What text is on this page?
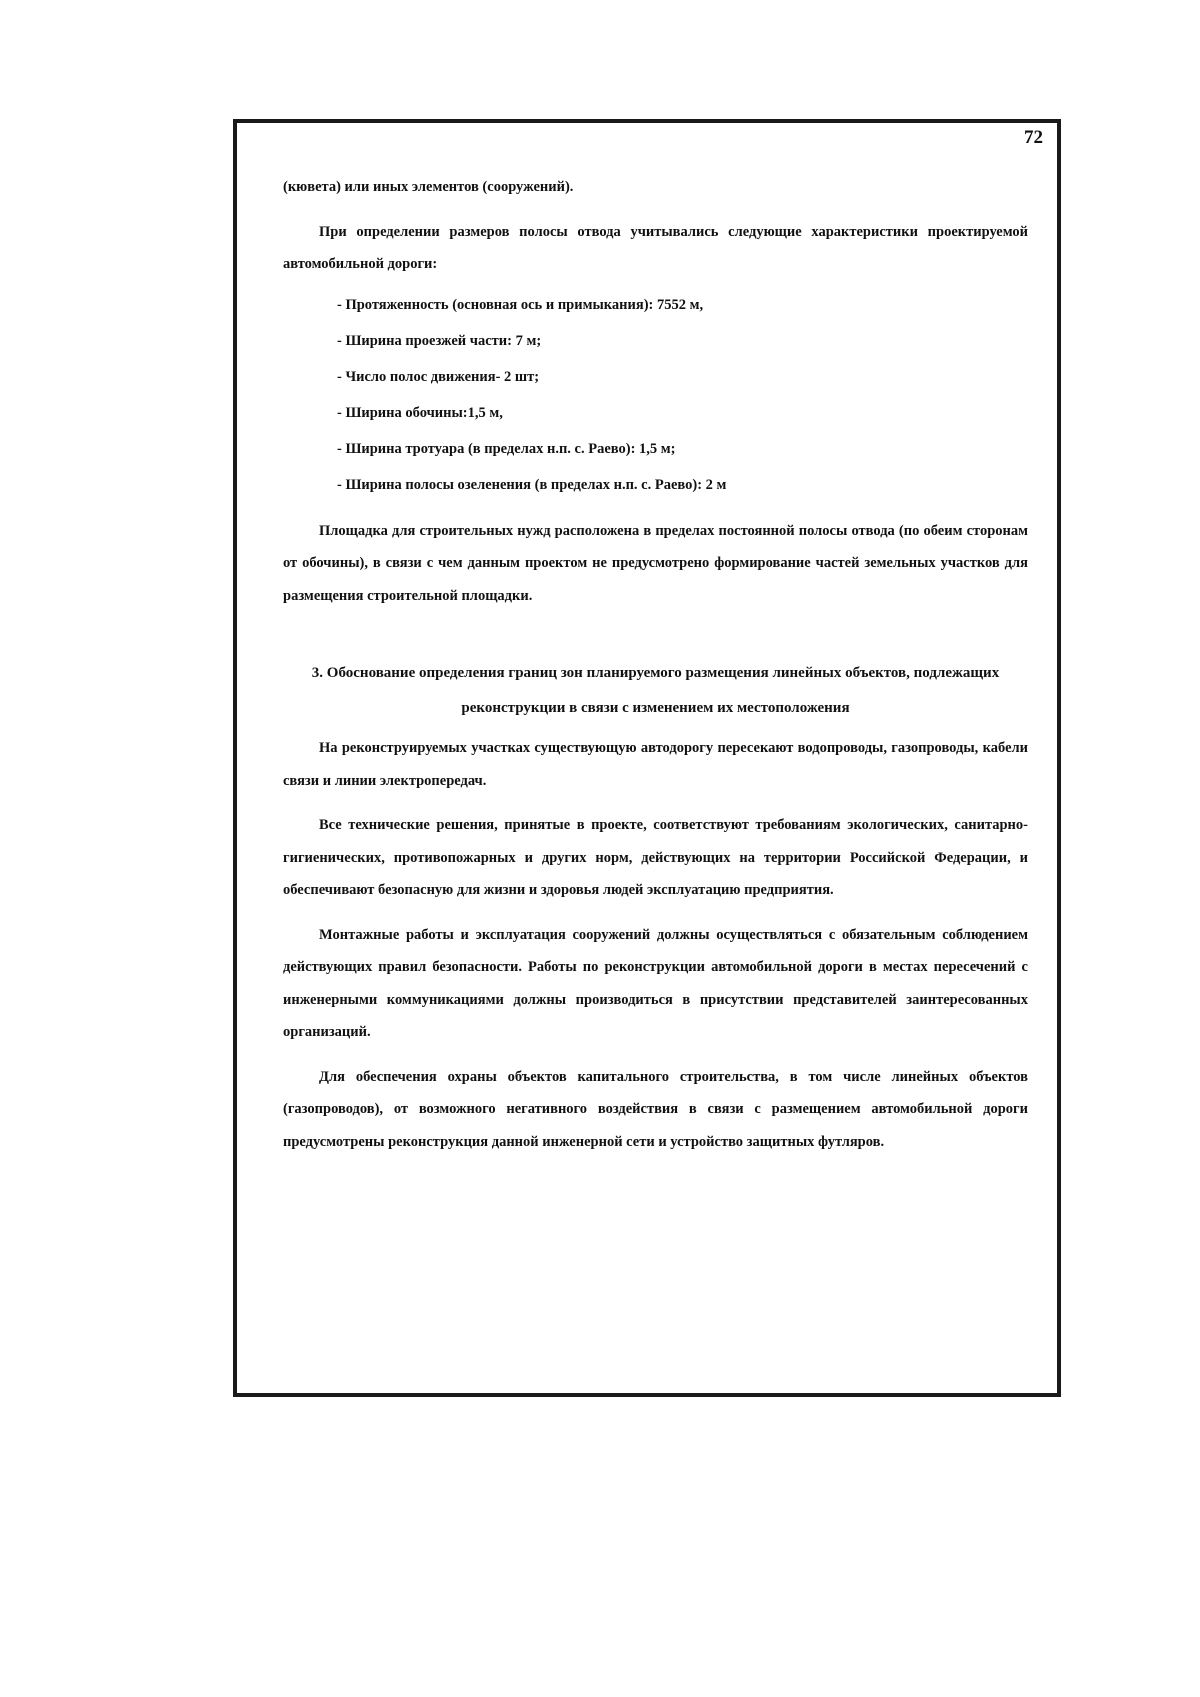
72

(кювета) или иных элементов (сооружений).

При определении размеров полосы отвода учитывались следующие характеристики проектируемой автомобильной дороги:

- Протяженность (основная ось и примыкания): 7552 м,
- Ширина проезжей части: 7 м;
- Число полос движения- 2 шт;
- Ширина обочины:1,5 м,
- Ширина тротуара (в пределах н.п. с. Раево): 1,5 м;
- Ширина полосы озеленения (в пределах н.п. с. Раево): 2 м

Площадка для строительных нужд расположена в пределах постоянной полосы отвода (по обеим сторонам от обочины), в связи с чем данным проектом не предусмотрено формирование частей земельных участков для размещения строительной площадки.

3. Обоснование определения границ зон планируемого размещения линейных объектов, подлежащих реконструкции в связи с изменением их местоположения

На реконструируемых участках существующую автодорогу пересекают водопроводы, газопроводы, кабели связи и линии электропередач.

Все технические решения, принятые в проекте, соответствуют требованиям экологических, санитарно-гигиенических, противопожарных и других норм, действующих на территории Российской Федерации, и обеспечивают безопасную для жизни и здоровья людей эксплуатацию предприятия.

Монтажные работы и эксплуатация сооружений должны осуществляться с обязательным соблюдением действующих правил безопасности. Работы по реконструкции автомобильной дороги в местах пересечений с инженерными коммуникациями должны производиться в присутствии представителей заинтересованных организаций.

Для обеспечения охраны объектов капитального строительства, в том числе линейных объектов (газопроводов), от возможного негативного воздействия в связи с размещением автомобильной дороги предусмотрены реконструкция данной инженерной сети и устройство защитных футляров.
